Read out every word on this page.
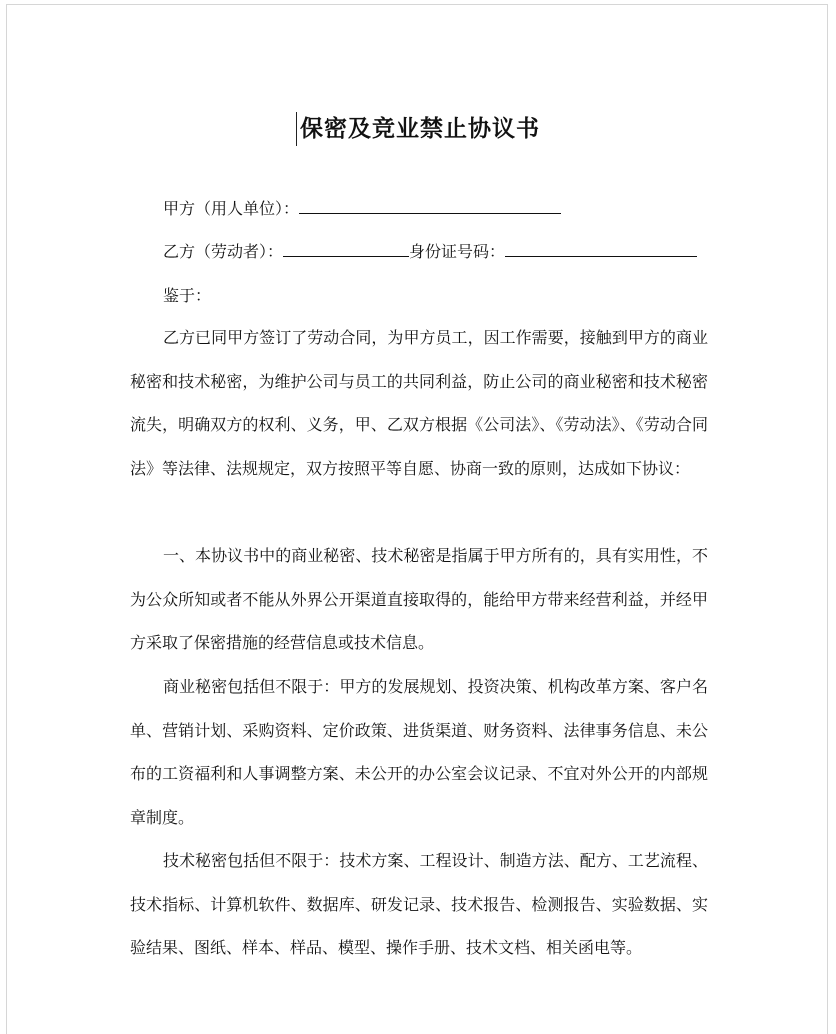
保密及竞业禁止协议书
甲方（用人单位）：
乙方（劳动者）：	身份证号码：
鉴于：

乙方已同甲方签订了劳动合同，为甲方员工，因工作需要，接触到甲方的商业秘密和技术秘密，为维护公司与员工的共同利益，防止公司的商业秘密和技术秘密流失，明确双方的权利、义务，甲、乙双方根据《公司法》、《劳动法》、《劳动合同法》等法律、法规规定，双方按照平等自愿、协商一致的原则，达成如下协议：

一、本协议书中的商业秘密、技术秘密是指属于甲方所有的，具有实用性，不为公众所知或者不能从外界公开渠道直接取得的，能给甲方带来经营利益，并经甲方采取了保密措施的经营信息或技术信息。

商业秘密包括但不限于：甲方的发展规划、投资决策、机构改革方案、客户名单、营销计划、采购资料、定价政策、进货渠道、财务资料、法律事务信息、未公布的工资福利和人事调整方案、未公开的办公室会议记录、不宜对外公开的内部规章制度。

技术秘密包括但不限于：技术方案、工程设计、制造方法、配方、工艺流程、技术指标、计算机软件、数据库、研发记录、技术报告、检测报告、实验数据、实验结果、图纸、样本、样品、模型、操作手册、技术文档、相关函电等。
